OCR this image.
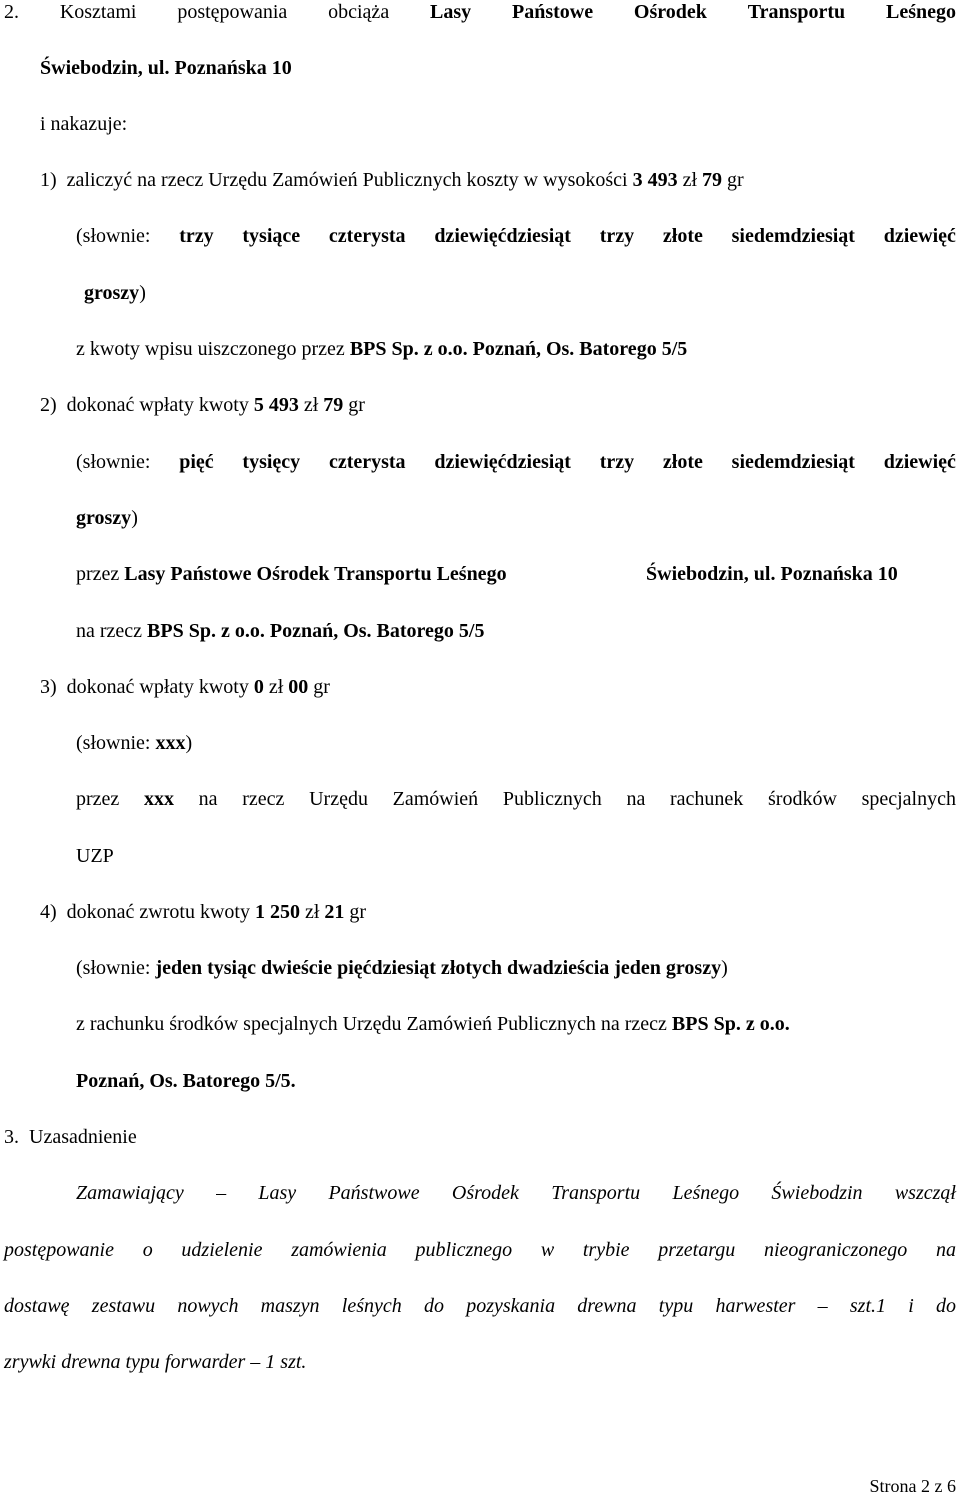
2. Kosztami postępowania obciąża Lasy Państowe Ośrodek Transportu Leśnego

Świebodzin, ul. Poznańska 10

i nakazuje:

1) zaliczyć na rzecz Urzędu Zamówień Publicznych koszty w wysokości 3 493 zł 79 gr

(słownie: trzy tysiące czterysta dziewięćdziesiąt trzy złote siedemdziesiąt dziewięć

groszy)

z kwoty wpisu uiszczonego przez BPS Sp. z o.o. Poznań, Os. Batorego 5/5

2) dokonać wpłaty kwoty 5 493 zł 79 gr

(słownie: pięć tysięcy czterysta dziewięćdziesiąt trzy złote siedemdziesiąt dziewięć

groszy)

przez Lasy Państowe Ośrodek Transportu Leśnego	Świebodzin, ul. Poznańska 10

na rzecz BPS Sp. z o.o. Poznań, Os. Batorego 5/5

3) dokonać wpłaty kwoty 0 zł 00 gr

(słownie: xxx)

przez xxx na rzecz Urzędu Zamówień Publicznych na rachunek środków specjalnych

UZP

4) dokonać zwrotu kwoty 1 250 zł 21 gr

(słownie: jeden tysiąc dwieście pięćdziesiąt złotych dwadzieścia jeden groszy)

z rachunku środków specjalnych Urzędu Zamówień Publicznych na rzecz BPS Sp. z o.o.

Poznań, Os. Batorego 5/5.

3. Uzasadnienie

Zamawiający – Lasy Państwowe Ośrodek Transportu Leśnego Świebodzin wszczął
postępowanie o udzielenie zamówienia publicznego w trybie przetargu nieograniczonego na
dostawę zestawu nowych maszyn leśnych do pozyskania drewna typu harwester – szt.1 i do

zrywki drewna typu forwarder – 1 szt.

Strona 2 z 6
